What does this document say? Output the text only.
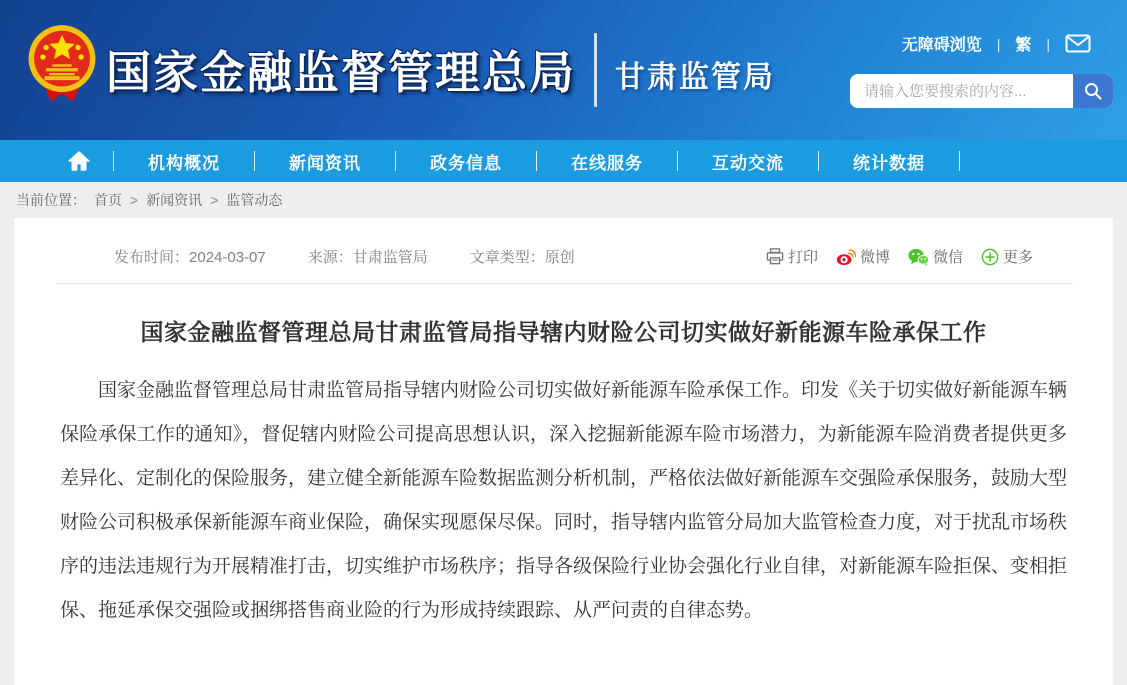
国家金融监督管理总局 甘肃监管局
无障碍浏览 | 繁 |
请输入您要搜索的内容...
机构概况	新闻资讯	政务信息	在线服务	互动交流	统计数据
当前位置： 首页 > 新闻资讯 > 监管动态
发布时间：2024-03-07	来源：甘肃监管局	文章类型：原创	打印	微博	微信	更多
国家金融监督管理总局甘肃监管局指导辖内财险公司切实做好新能源车险承保工作

国家金融监督管理总局甘肃监管局指导辖内财险公司切实做好新能源车险承保工作。印发《关于切实做好新能源车辆保险承保工作的通知》，督促辖内财险公司提高思想认识，深入挖掘新能源车险市场潜力，为新能源车险消费者提供更多差异化、定制化的保险服务，建立健全新能源车险数据监测分析机制，严格依法做好新能源车交强险承保服务，鼓励大型财险公司积极承保新能源车商业保险，确保实现愿保尽保。同时，指导辖内监管分局加大监管检查力度，对于扰乱市场秩序的违法违规行为开展精准打击，切实维护市场秩序；指导各级保险行业协会强化行业自律，对新能源车险拒保、变相拒保、拖延承保交强险或捆绑搭售商业险的行为形成持续跟踪、从严问责的自律态势。
